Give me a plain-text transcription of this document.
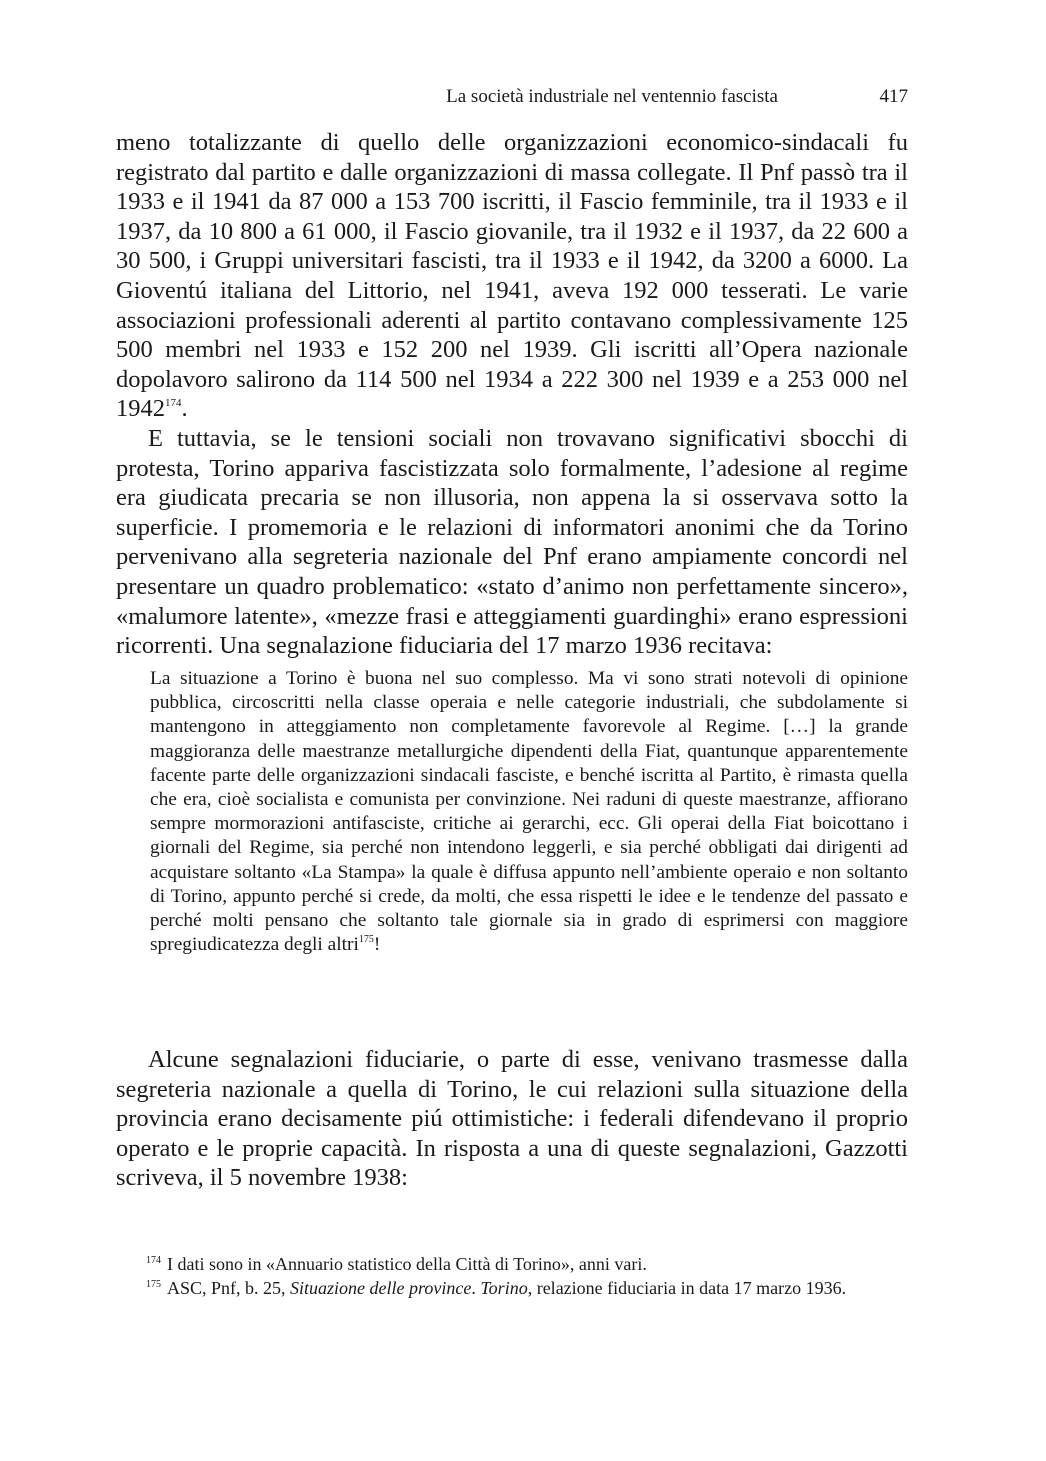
La società industriale nel ventennio fascista	417

meno totalizzante di quello delle organizzazioni economico-sindacali fu registrato dal partito e dalle organizzazioni di massa collegate. Il Pnf passò tra il 1933 e il 1941 da 87 000 a 153 700 iscritti, il Fascio femminile, tra il 1933 e il 1937, da 10 800 a 61 000, il Fascio giovanile, tra il 1932 e il 1937, da 22 600 a 30 500, i Gruppi universitari fascisti, tra il 1933 e il 1942, da 3200 a 6000. La Gioventú italiana del Littorio, nel 1941, aveva 192 000 tesserati. Le varie associazioni professionali aderenti al partito contavano complessivamente 125 500 membri nel 1933 e 152 200 nel 1939. Gli iscritti all’Opera nazionale dopolavoro salirono da 114 500 nel 1934 a 222 300 nel 1939 e a 253 000 nel 1942$^{174}$.

E tuttavia, se le tensioni sociali non trovavano significativi sbocchi di protesta, Torino appariva fascistizzata solo formalmente, l’adesione al regime era giudicata precaria se non illusoria, non appena la si osservava sotto la superficie. I promemoria e le relazioni di informatori anonimi che da Torino pervenivano alla segreteria nazionale del Pnf erano ampiamente concordi nel presentare un quadro problematico: «stato d’animo non perfettamente sincero», «malumore latente», «mezze frasi e atteggiamenti guardinghi» erano espressioni ricorrenti. Una segnalazione fiduciaria del 17 marzo 1936 recitava:

La situazione a Torino è buona nel suo complesso. Ma vi sono strati notevoli di opinione pubblica, circoscritti nella classe operaia e nelle categorie industriali, che subdolamente si mantengono in atteggiamento non completamente favorevole al Regime. […] la grande maggioranza delle maestranze metallurgiche dipendenti della Fiat, quantunque apparentemente facente parte delle organizzazioni sindacali fasciste, e benché iscritta al Partito, è rimasta quella che era, cioè socialista e comunista per convinzione. Nei raduni di queste maestranze, affiorano sempre mormorazioni antifasciste, critiche ai gerarchi, ecc. Gli operai della Fiat boicottano i giornali del Regime, sia perché non intendono leggerli, e sia perché obbligati dai dirigenti ad acquistare soltanto «La Stampa» la quale è diffusa appunto nell’ambiente operaio e non soltanto di Torino, appunto perché si crede, da molti, che essa rispetti le idee e le tendenze del passato e perché molti pensano che soltanto tale giornale sia in grado di esprimersi con maggiore spregiudicatezza degli altri$^{175}$!

Alcune segnalazioni fiduciarie, o parte di esse, venivano trasmesse dalla segreteria nazionale a quella di Torino, le cui relazioni sulla situazione della provincia erano decisamente piú ottimistiche: i federali difendevano il proprio operato e le proprie capacità. In risposta a una di queste segnalazioni, Gazzotti scriveva, il 5 novembre 1938:

$^{174}$ I dati sono in «Annuario statistico della Città di Torino», anni vari.

$^{175}$ ASC, Pnf, b. 25, Situazione delle province. Torino, relazione fiduciaria in data 17 marzo 1936.
